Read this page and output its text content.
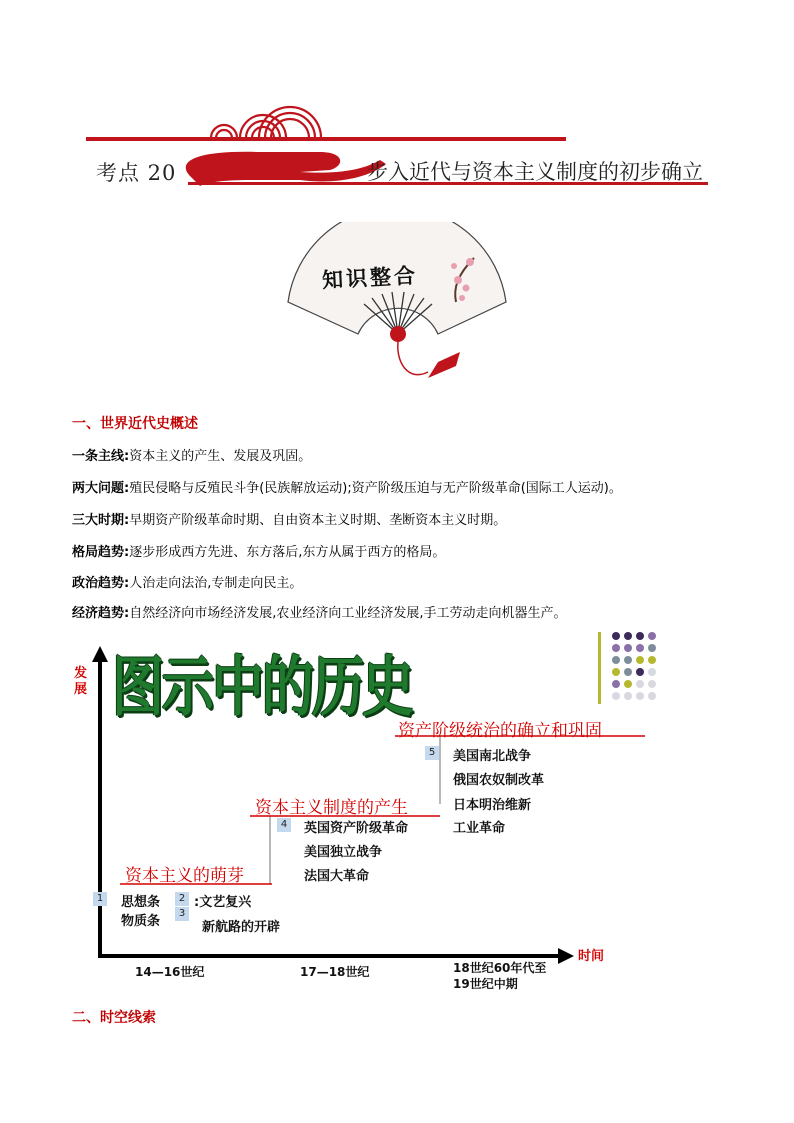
考点 20	步入近代与资本主义制度的初步确立
知识整合
一、世界近代史概述
一条主线:资本主义的产生、发展及巩固。
两大问题:殖民侵略与反殖民斗争(民族解放运动);资产阶级压迫与无产阶级革命(国际工人运动)。
三大时期:早期资产阶级革命时期、自由资本主义时期、垄断资本主义时期。
格局趋势:逐步形成西方先进、东方落后,东方从属于西方的格局。
政治趋势:人治走向法治,专制走向民主。
经济趋势:自然经济向市场经济发展,农业经济向工业经济发展,手工劳动走向机器生产。
图示中的历史
发展
时间
资产阶级统治的确立和巩固
5 美国南北战争
俄国农奴制改革
日本明治维新
工业革命
资本主义制度的产生
4 英国资产阶级革命
美国独立战争
法国大革命
资本主义的萌芽
1 思想条	2 :文艺复兴
物质条
3
新航路的开辟
14—16世纪	17—18世纪	18世纪60年代至
19世纪中期
二、时空线索
